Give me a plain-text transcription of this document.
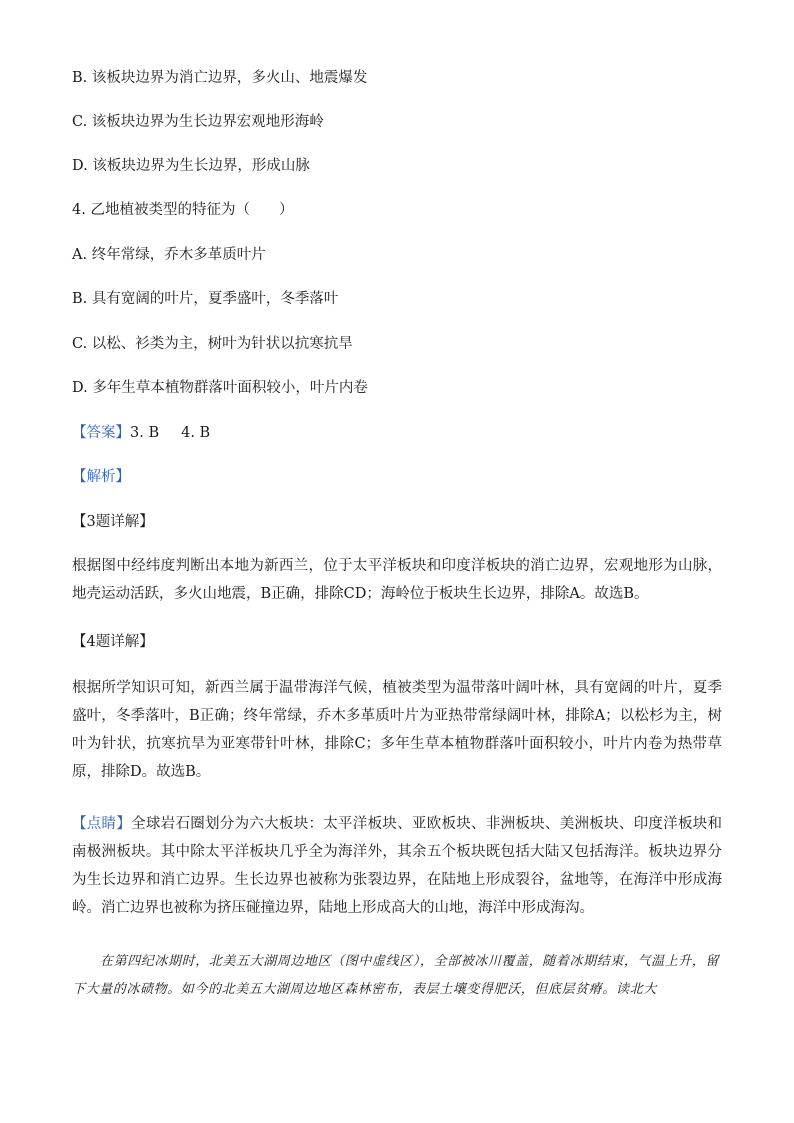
B. 该板块边界为消亡边界，多火山、地震爆发
C. 该板块边界为生长边界宏观地形海岭
D. 该板块边界为生长边界，形成山脉
4. 乙地植被类型的特征为（　　）
A. 终年常绿，乔木多革质叶片
B. 具有宽阔的叶片，夏季盛叶，冬季落叶
C. 以松、衫类为主，树叶为针状以抗寒抗旱
D. 多年生草本植物群落叶面积较小，叶片内卷
【答案】3. B 4. B
【解析】
【3题详解】
根据图中经纬度判断出本地为新西兰，位于太平洋板块和印度洋板块的消亡边界，宏观地形为山脉，地壳运动活跃，多火山地震，B正确，排除CD；海岭位于板块生长边界，排除A。故选B。
【4题详解】
根据所学知识可知，新西兰属于温带海洋气候，植被类型为温带落叶阔叶林，具有宽阔的叶片，夏季盛叶，冬季落叶，B正确；终年常绿，乔木多革质叶片为亚热带常绿阔叶林，排除A；以松杉为主，树叶为针状，抗寒抗旱为亚寒带针叶林，排除C；多年生草本植物群落叶面积较小，叶片内卷为热带草原，排除D。故选B。
【点睛】全球岩石圈划分为六大板块：太平洋板块、亚欧板块、非洲板块、美洲板块、印度洋板块和南极洲板块。其中除太平洋板块几乎全为海洋外，其余五个板块既包括大陆又包括海洋。板块边界分为生长边界和消亡边界。生长边界也被称为张裂边界，在陆地上形成裂谷，盆地等，在海洋中形成海岭。消亡边界也被称为挤压碰撞边界，陆地上形成高大的山地，海洋中形成海沟。
在第四纪冰期时，北美五大湖周边地区（图中虚线区），全部被冰川覆盖，随着冰期结束，气温上升，留下大量的冰碛物。如今的北美五大湖周边地区森林密布，表层土壤变得肥沃，但底层贫瘠。读北大
